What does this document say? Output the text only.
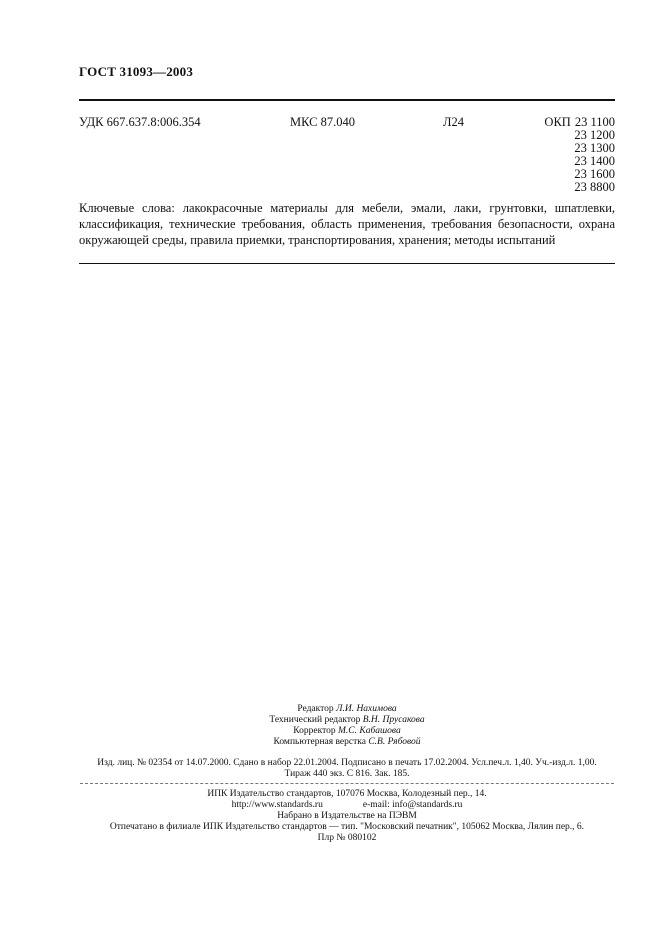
ГОСТ 31093—2003
УДК 667.637.8:006.354	МКС 87.040	Л24	ОКП 23 1100
23 1200
23 1300
23 1400
23 1600
23 8800
Ключевые слова: лакокрасочные материалы для мебели, эмали, лаки, грунтовки, шпатлевки, классификация, технические требования, область применения, требования безопасности, охрана окружающей среды, правила приемки, транспортирования, хранения; методы испытаний
Редактор Л.И. Нахимова
Технический редактор В.Н. Прусакова
Корректор М.С. Кабашова
Компьютерная верстка С.В. Рябовой
Изд. лиц. № 02354 от 14.07.2000. Сдано в набор 22.01.2004. Подписано в печать 17.02.2004. Усл.печ.л. 1,40. Уч.-изд.л. 1,00.
Тираж 440 экз. С 816. Зак. 185.
ИПК Издательство стандартов, 107076 Москва, Колодезный пер., 14.
http://www.standards.ru	e-mail: info@standards.ru
Набрано в Издательстве на ПЭВМ
Отпечатано в филиале ИПК Издательство стандартов — тип. "Московский печатник", 105062 Москва, Лялин пер., 6.
Плр № 080102
